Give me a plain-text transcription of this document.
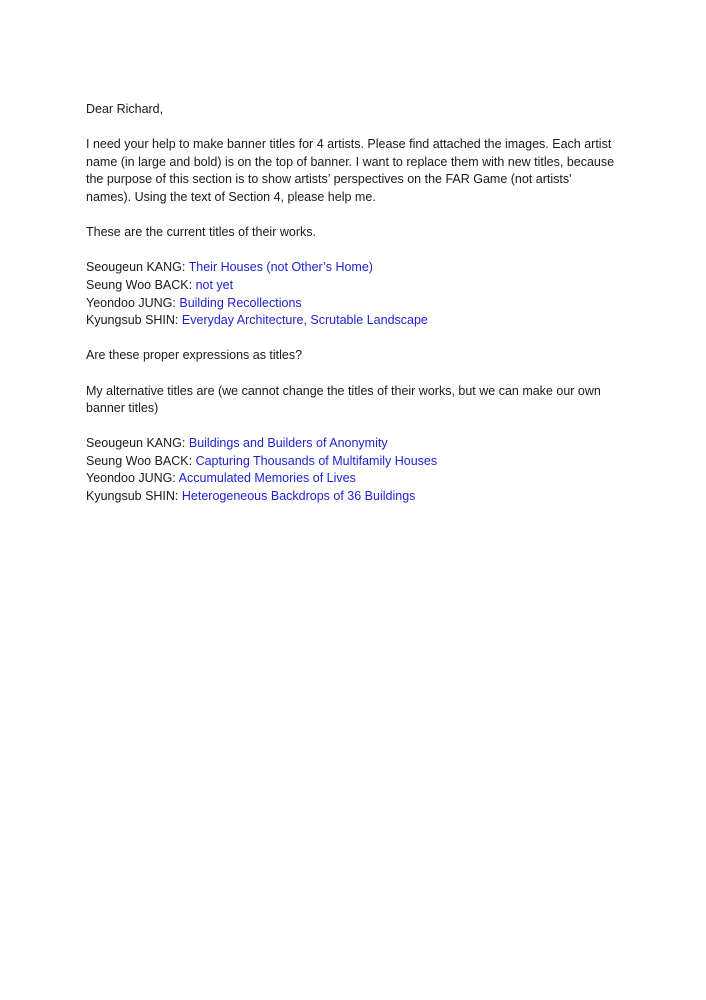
Dear Richard,

I need your help to make banner titles for 4 artists. Please find attached the images. Each artist name (in large and bold) is on the top of banner. I want to replace them with new titles, because the purpose of this section is to show artists’ perspectives on the FAR Game (not artists' names). Using the text of Section 4, please help me.

These are the current titles of their works.

Seougeun KANG: Their Houses (not Other’s Home)
Seung Woo BACK: not yet
Yeondoo JUNG: Building Recollections
Kyungsub SHIN: Everyday Architecture, Scrutable Landscape

Are these proper expressions as titles?

My alternative titles are (we cannot change the titles of their works, but we can make our own banner titles)

Seougeun KANG: Buildings and Builders of Anonymity
Seung Woo BACK: Capturing Thousands of Multifamily Houses
Yeondoo JUNG: Accumulated Memories of Lives
Kyungsub SHIN: Heterogeneous Backdrops of 36 Buildings
